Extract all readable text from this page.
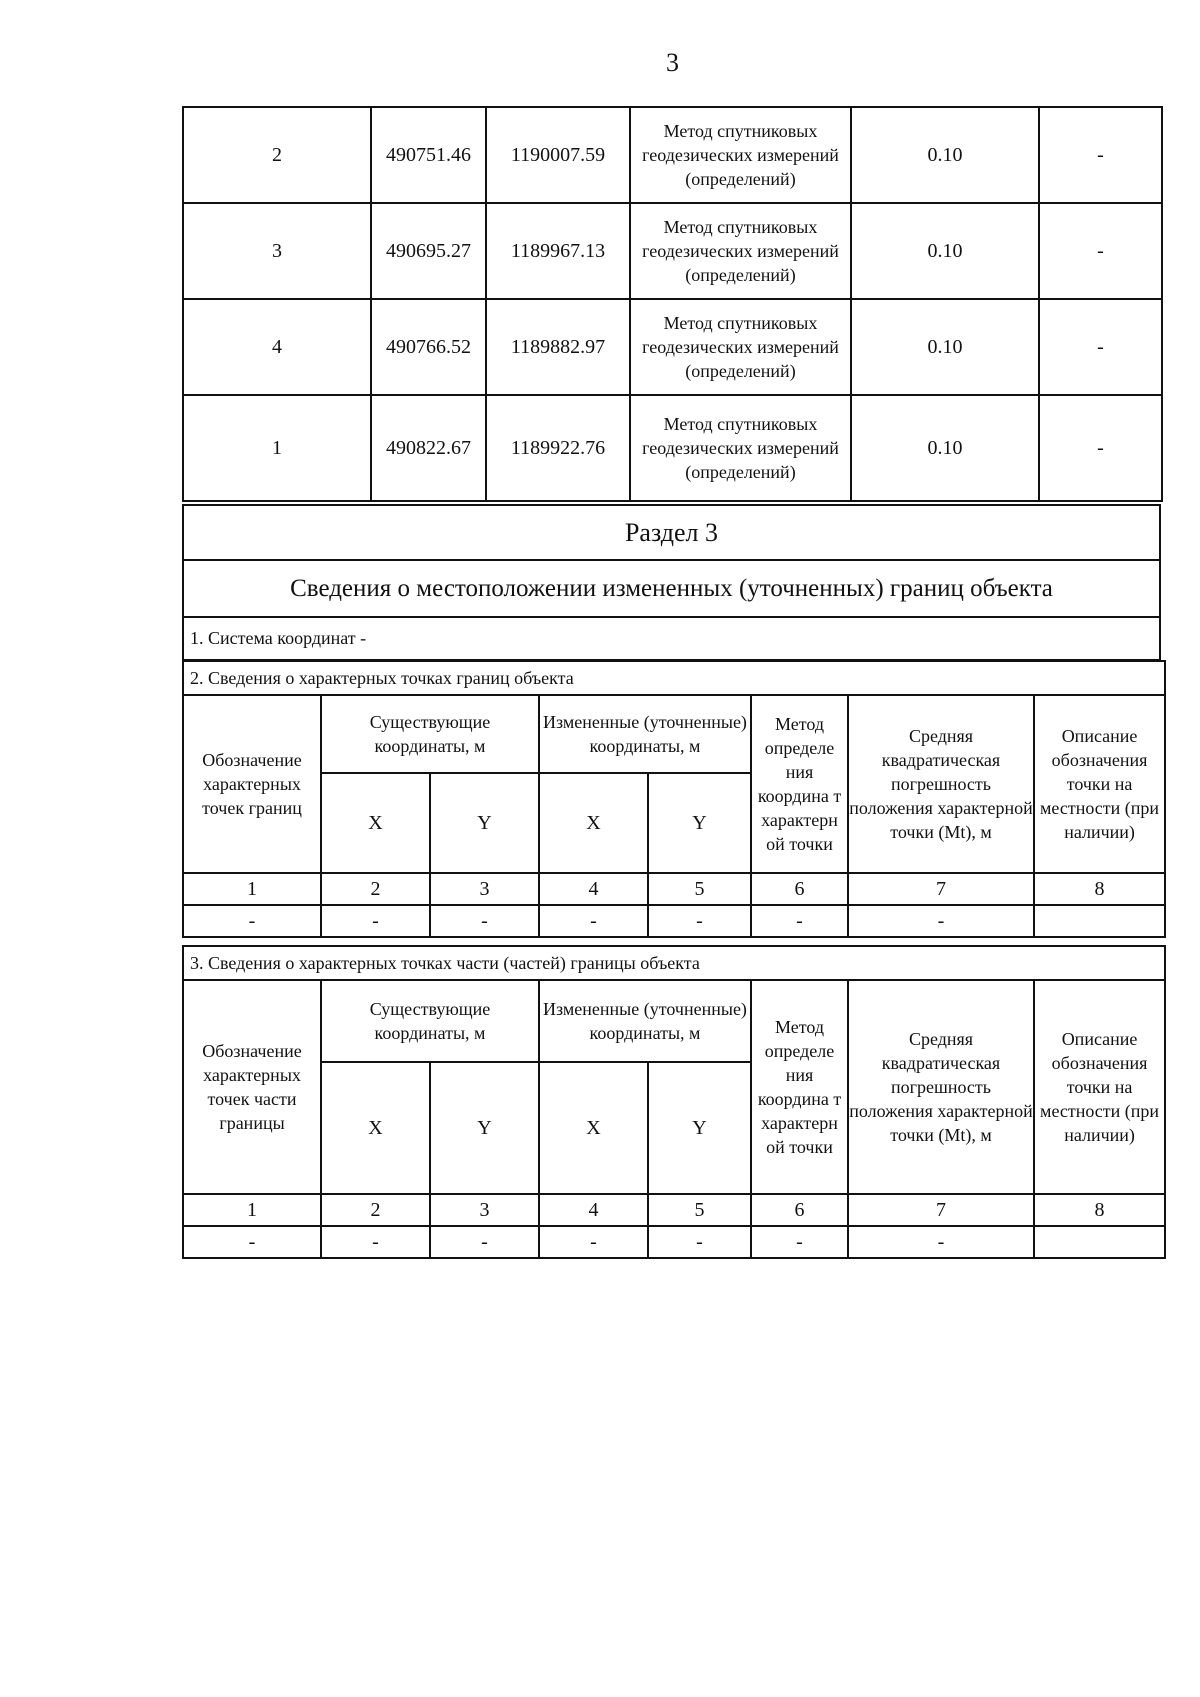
3
2	490751.46	1190007.59	Метод спутниковых геодезических измерений (определений)	0.10	-
3	490695.27	1189967.13	Метод спутниковых геодезических измерений (определений)	0.10	-
4	490766.52	1189882.97	Метод спутниковых геодезических измерений (определений)	0.10	-
1	490822.67	1189922.76	Метод спутниковых геодезических измерений (определений)	0.10	-
Раздел 3
Сведения о местоположении измененных (уточненных) границ объекта
1. Система координат -
2. Сведения о характерных точках границ объекта							
Обозначение характерных точек границ	Существующие координаты, м		Измененные (уточненные) координаты, м		Метод определе ния координа т характерн ой точки	Средняя квадратическая погрешность положения характерной точки (Mt), м	Описание обозначения точки на местности (при наличии)
	X	Y	X	Y			
1	2	3	4	5	6	7	8
-	-	-	-	-	-	-	
3. Сведения о характерных точках части (частей) границы объекта							
Обозначение характерных точек части границы	Существующие координаты, м		Измененные (уточненные) координаты, м		Метод определе ния координа т характерн ой точки	Средняя квадратическая погрешность положения характерной точки (Mt), м	Описание обозначения точки на местности (при наличии)
	X	Y	X	Y			
1	2	3	4	5	6	7	8
-	-	-	-	-	-	-	
